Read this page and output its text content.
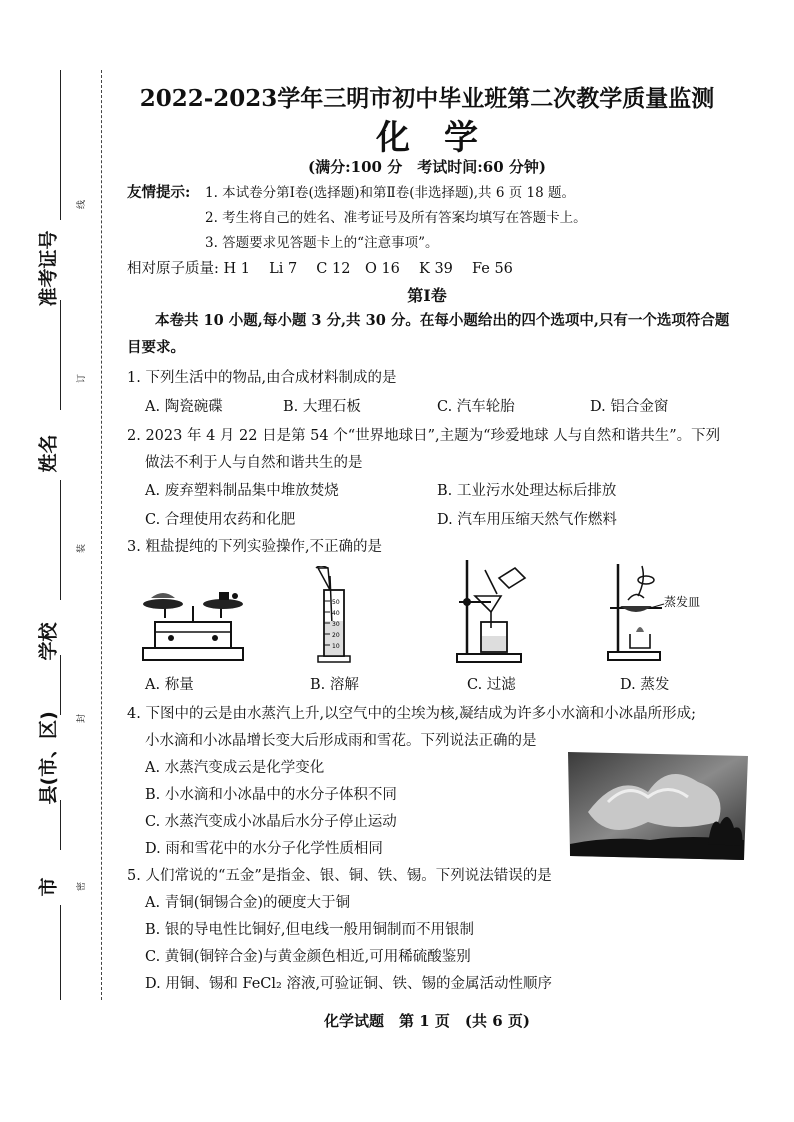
准考证号
姓名
学校
县(市、区)
市
线
订
装
封
密
2022-2023学年三明市初中毕业班第二次教学质量监测
化　学
(满分:100 分　考试时间:60 分钟)
友情提示: 1. 本试卷分第Ⅰ卷(选择题)和第Ⅱ卷(非选择题),共 6 页 18 题。
2. 考生将自己的姓名、准考证号及所有答案均填写在答题卡上。
3. 答题要求见答题卡上的“注意事项”。
相对原子质量: H 1　 Li 7　 C 12　O 16　 K 39　 Fe 56
第Ⅰ卷
本卷共 10 小题,每小题 3 分,共 30 分。在每小题给出的四个选项中,只有一个选项符合题
目要求。
1. 下列生活中的物品,由合成材料制成的是
A. 陶瓷碗碟	B. 大理石板	C. 汽车轮胎	D. 铝合金窗
2. 2023 年 4 月 22 日是第 54 个“世界地球日”,主题为“珍爱地球 人与自然和谐共生”。下列
做法不利于人与自然和谐共生的是
A. 废弃塑料制品集中堆放焚烧	B. 工业污水处理达标后排放
C. 合理使用农药和化肥	D. 汽车用压缩天然气作燃料
3. 粗盐提纯的下列实验操作,不正确的是
A. 称量
50
40
30
20
10
B. 溶解	C. 过滤
蒸发皿
D. 蒸发
4. 下图中的云是由水蒸汽上升,以空气中的尘埃为核,凝结成为许多小水滴和小冰晶所形成;
小水滴和小冰晶增长变大后形成雨和雪花。下列说法正确的是
A. 水蒸汽变成云是化学变化
B. 小水滴和小冰晶中的水分子体积不同
C. 水蒸汽变成小冰晶后水分子停止运动
D. 雨和雪花中的水分子化学性质相同
5. 人们常说的“五金”是指金、银、铜、铁、锡。下列说法错误的是
A. 青铜(铜锡合金)的硬度大于铜
B. 银的导电性比铜好,但电线一般用铜制而不用银制
C. 黄铜(铜锌合金)与黄金颜色相近,可用稀硫酸鉴别
D. 用铜、锡和 FeCl₂ 溶液,可验证铜、铁、锡的金属活动性顺序
化学试题　第 1 页　(共 6 页)
